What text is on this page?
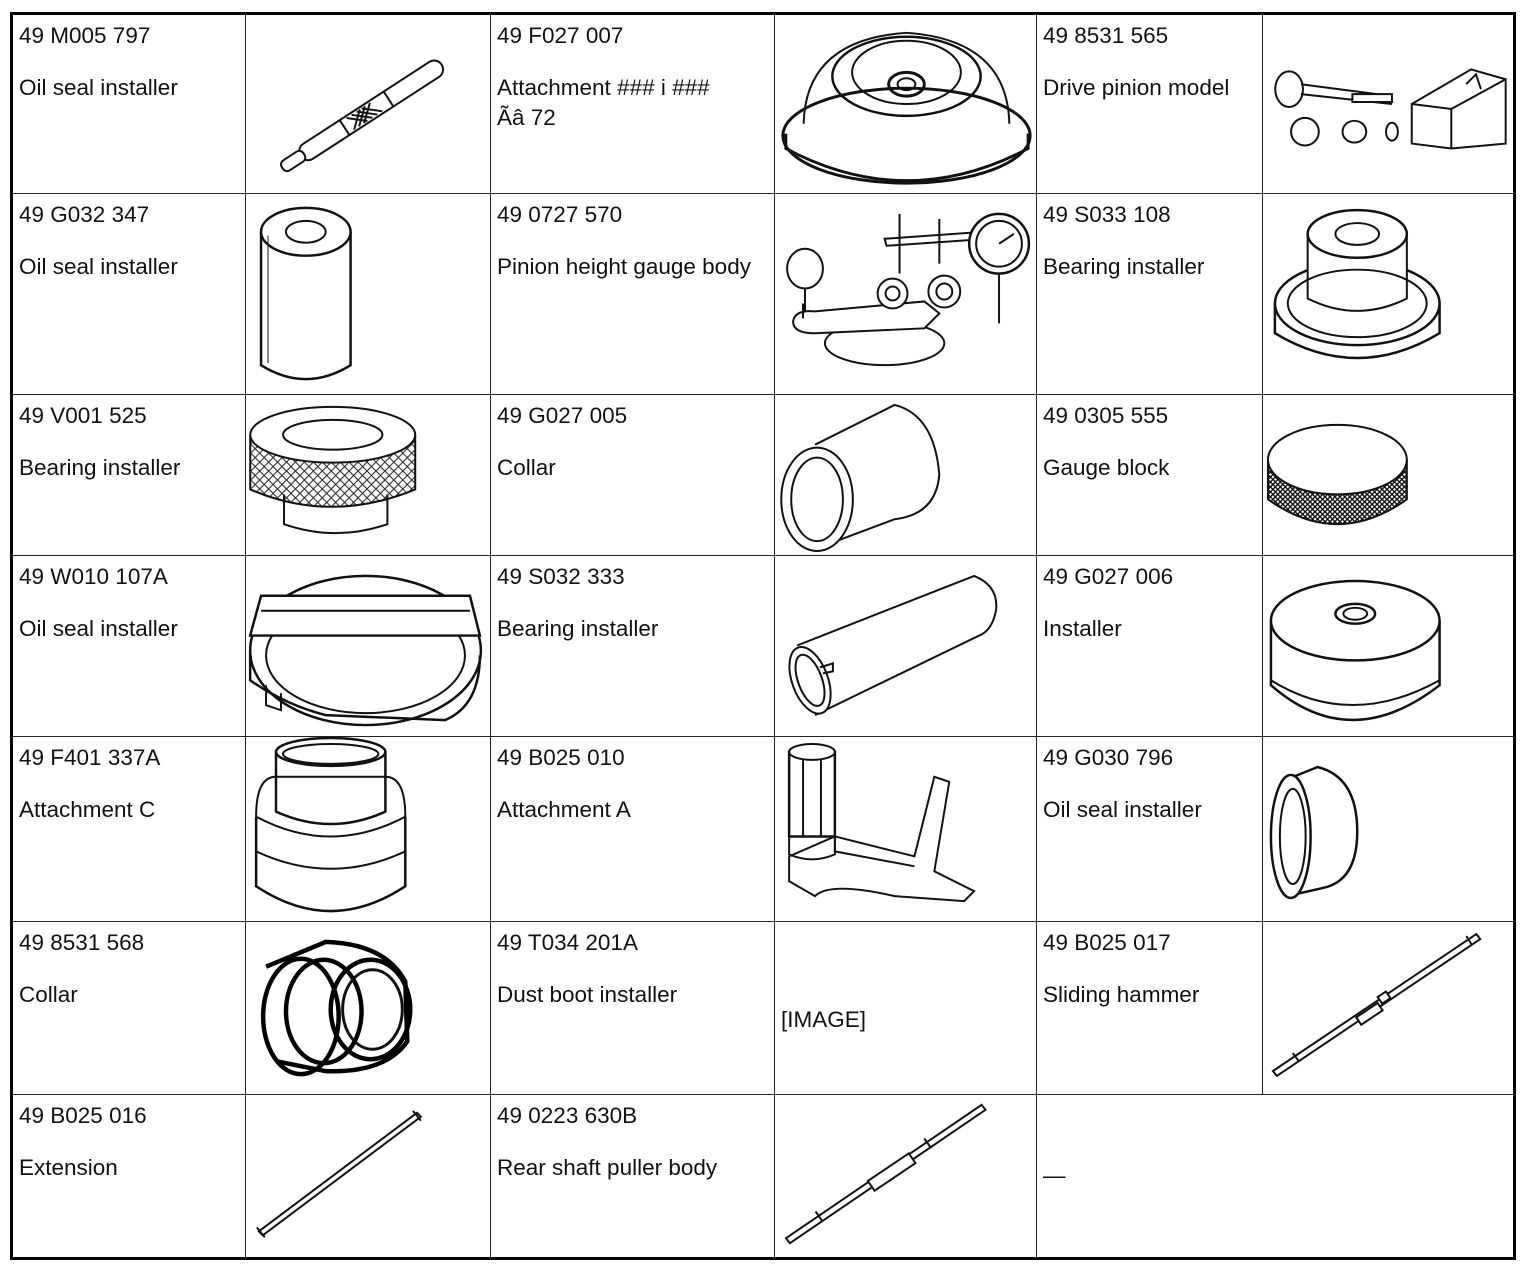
49 M005 797
Oil seal installer		49 F027 007
Attachment ### i ###
Ãâ 72		49 8531 565
Drive pinion model

49 G032 347
Oil seal installer		49 0727 570
Pinion height gauge body		49 S033 108
Bearing installer

49 V001 525
Bearing installer		49 G027 005
Collar		49 0305 555
Gauge block

49 W010 107A
Oil seal installer		49 S032 333
Bearing installer		49 G027 006
Installer

49 F401 337A
Attachment C		49 B025 010
Attachment A		49 G030 796
Oil seal installer

49 8531 568
Collar		49 T034 201A
Dust boot installer	[IMAGE]	49 B025 017
Sliding hammer

49 B025 016
Extension		49 0223 630B
Rear shaft puller body		—	
